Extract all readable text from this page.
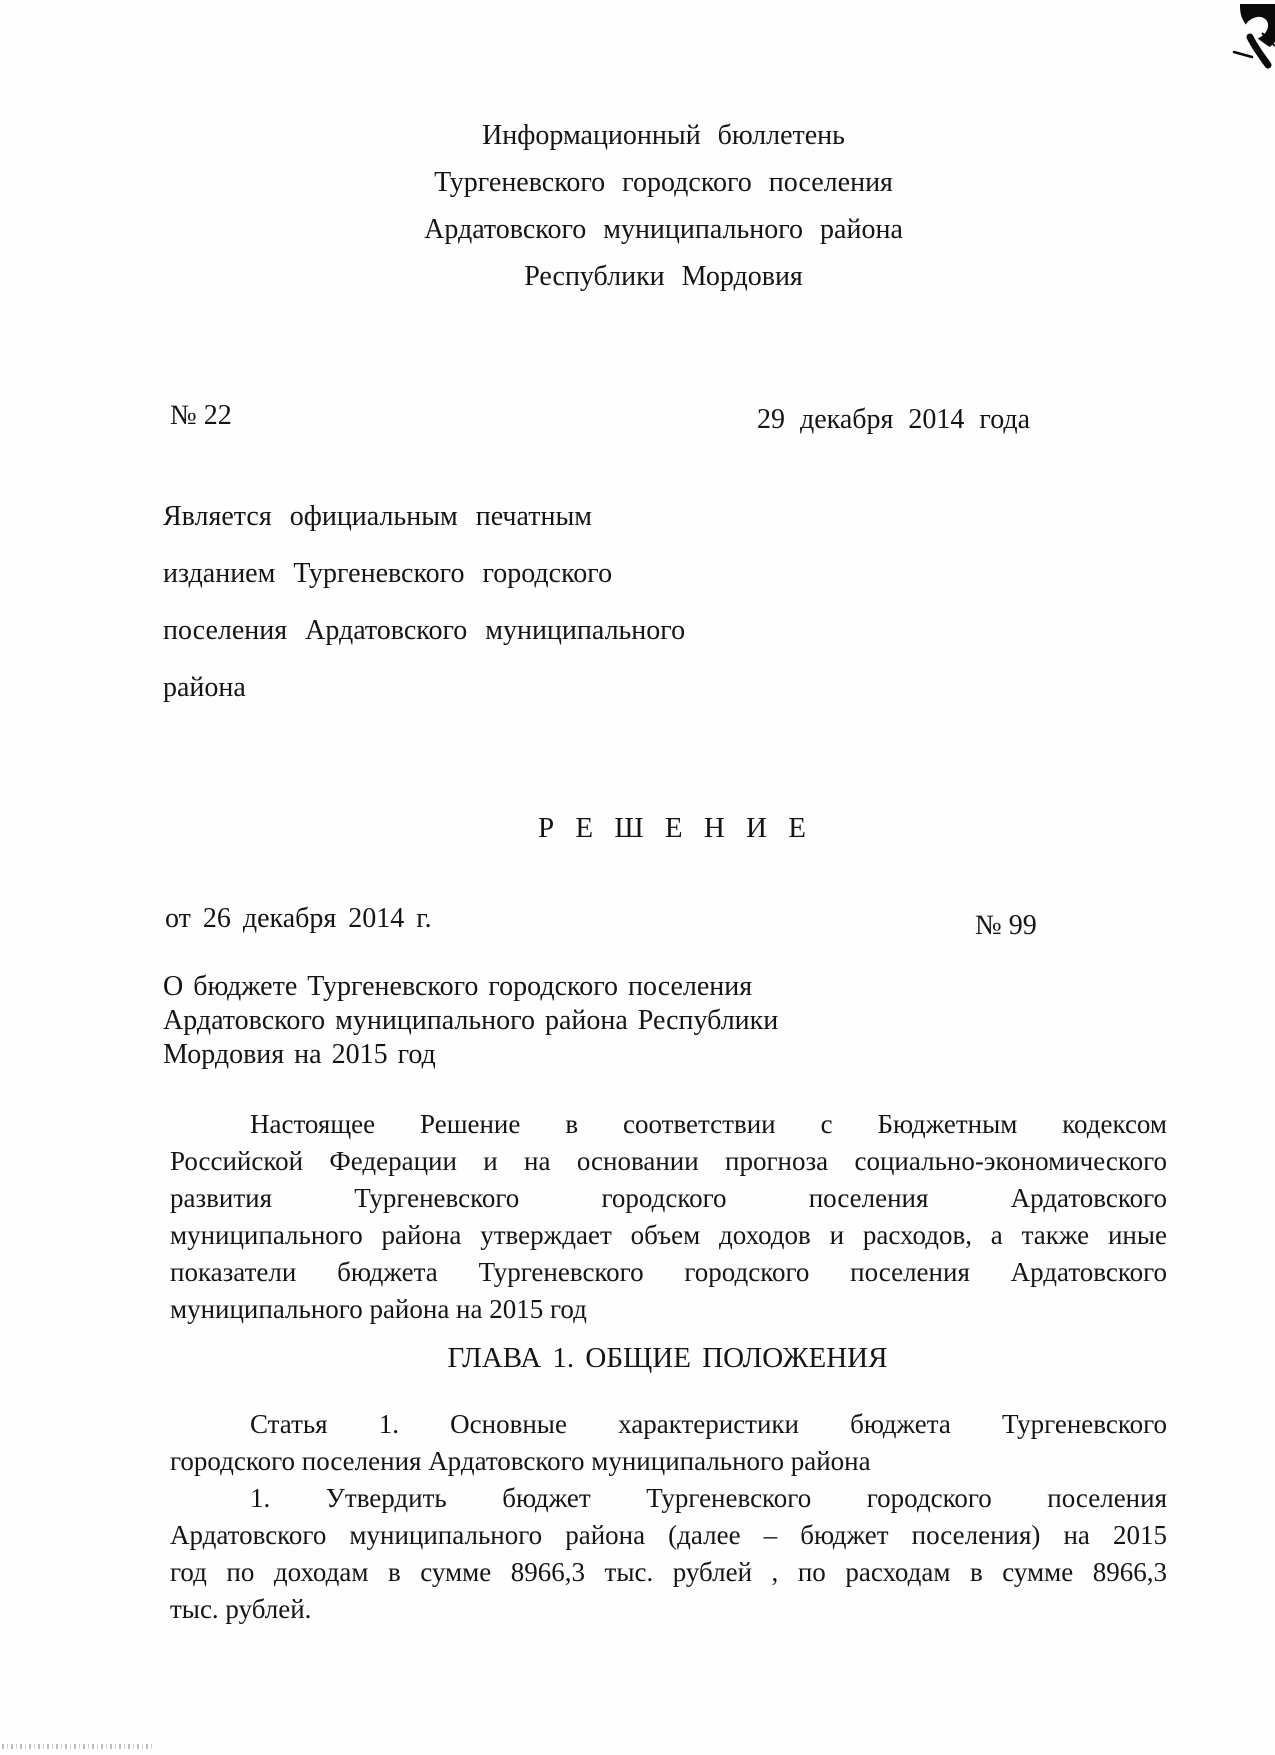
Информационный бюллетень
Тургеневского городского поселения
Ардатовского муниципального района
Республики Мордовия
№ 22	29 декабря 2014 года
Является официальным печатным
изданием Тургеневского городского
поселения Ардатовского муниципального
района
Р Е Ш Е Н И Е
от 26 декабря 2014 г.	№ 99
О бюджете Тургеневского городского поселения
Ардатовского муниципального района Республики
Мордовия на 2015 год
Настоящее Решение в соответствии с Бюджетным кодексом
Российской Федерации и на основании прогноза социально-экономического
развития Тургеневского городского поселения Ардатовского
муниципального района утверждает объем доходов и расходов, а также иные
показатели бюджета Тургеневского городского поселения Ардатовского
муниципального района на 2015 год
ГЛАВА 1. ОБЩИЕ ПОЛОЖЕНИЯ
Статья 1. Основные характеристики бюджета Тургеневского
городского поселения Ардатовского муниципального района
1. Утвердить бюджет Тургеневского городского поселения
Ардатовского муниципального района (далее – бюджет поселения) на 2015
год по доходам в сумме 8966,3 тыс. рублей , по расходам в сумме 8966,3
тыс. рублей.
